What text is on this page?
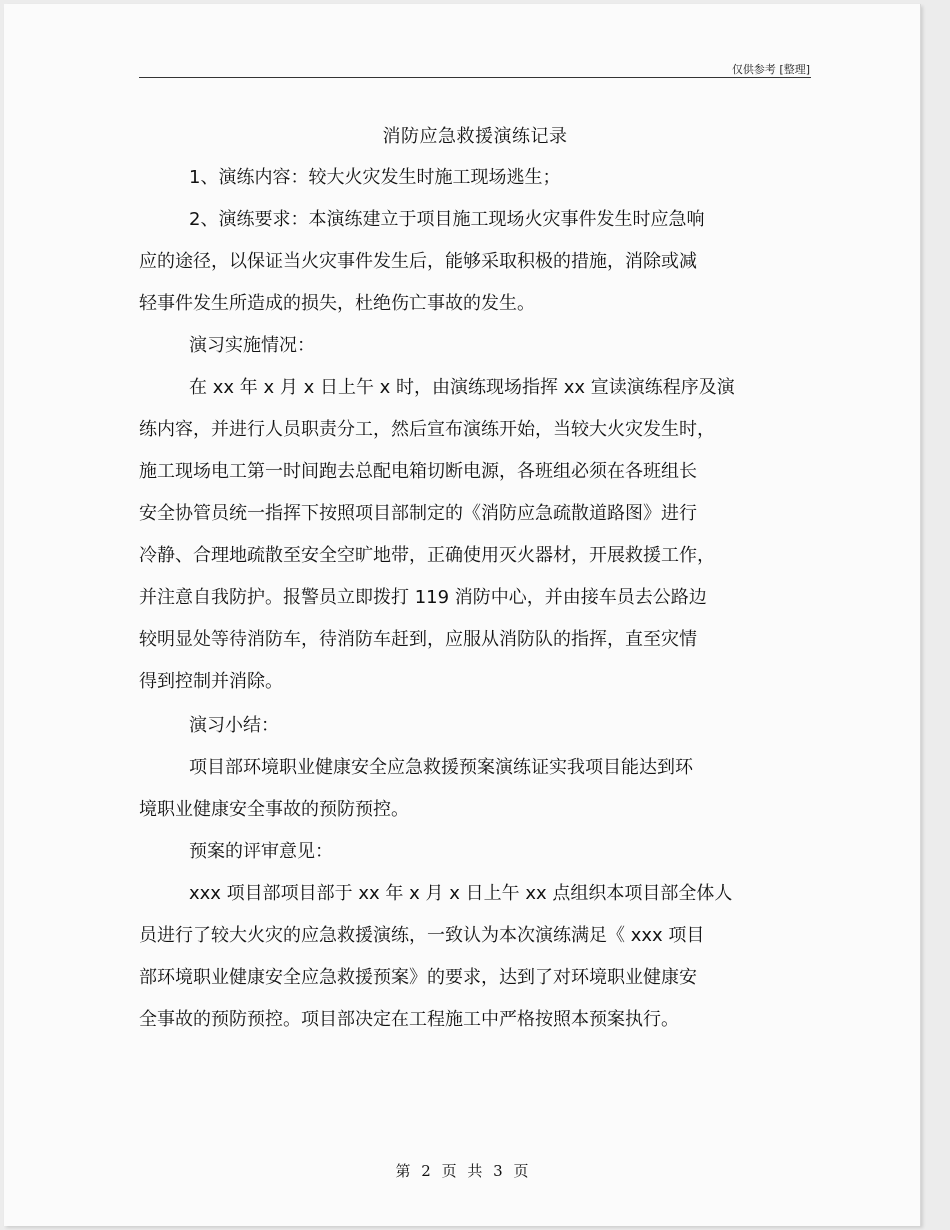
仅供参考 [整理]
消防应急救援演练记录
1、演练内容：较大火灾发生时施工现场逃生；
2、演练要求：本演练建立于项目施工现场火灾事件发生时应急响
应的途径，以保证当火灾事件发生后，能够采取积极的措施，消除或减
轻事件发生所造成的损失，杜绝伤亡事故的发生。
演习实施情况：
在 xx 年 x 月 x 日上午 x 时，由演练现场指挥 xx 宣读演练程序及演
练内容，并进行人员职责分工，然后宣布演练开始，当较大火灾发生时，
施工现场电工第一时间跑去总配电箱切断电源，各班组必须在各班组长
安全协管员统一指挥下按照项目部制定的《消防应急疏散道路图》进行
冷静、合理地疏散至安全空旷地带，正确使用灭火器材，开展救援工作，
并注意自我防护。报警员立即拨打 119 消防中心，并由接车员去公路边
较明显处等待消防车，待消防车赶到，应服从消防队的指挥，直至灾情
得到控制并消除。
演习小结：
项目部环境职业健康安全应急救援预案演练证实我项目能达到环
境职业健康安全事故的预防预控。
预案的评审意见：
xxx 项目部项目部于 xx 年 x 月 x 日上午 xx 点组织本项目部全体人
员进行了较大火灾的应急救援演练，一致认为本次演练满足《 xxx 项目
部环境职业健康安全应急救援预案》的要求，达到了对环境职业健康安
全事故的预防预控。项目部决定在工程施工中严格按照本预案执行。
第 2 页 共 3 页
